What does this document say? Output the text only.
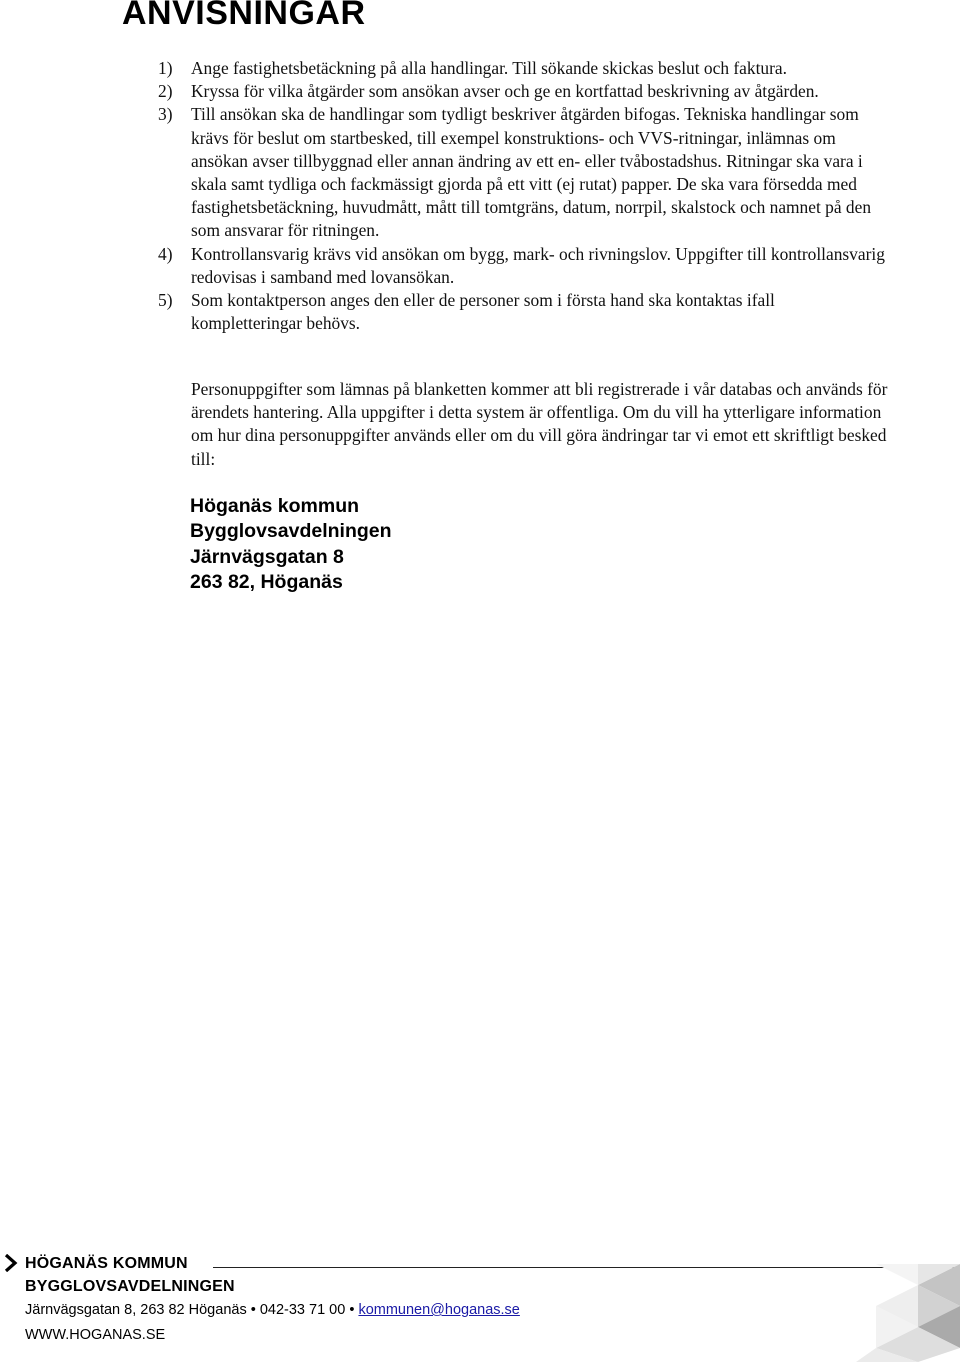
ANVISNINGAR
1) Ange fastighetsbetäckning på alla handlingar. Till sökande skickas beslut och faktura.
2) Kryssa för vilka åtgärder som ansökan avser och ge en kortfattad beskrivning av åtgärden.
3) Till ansökan ska de handlingar som tydligt beskriver åtgärden bifogas. Tekniska handlingar som krävs för beslut om startbesked, till exempel konstruktions- och VVS-ritningar, inlämnas om ansökan avser tillbyggnad eller annan ändring av ett en- eller tvåbostadshus. Ritningar ska vara i skala samt tydliga och fackmässigt gjorda på ett vitt (ej rutat) papper. De ska vara försedda med fastighetsbetäckning, huvudmått, mått till tomtgräns, datum, norrpil, skalstock och namnet på den som ansvarar för ritningen.
4) Kontrollansvarig krävs vid ansökan om bygg, mark- och rivningslov. Uppgifter till kontrollansvarig redovisas i samband med lovansökan.
5) Som kontaktperson anges den eller de personer som i första hand ska kontaktas ifall kompletteringar behövs.

Personuppgifter som lämnas på blanketten kommer att bli registrerade i vår databas och används för ärendets hantering. Alla uppgifter i detta system är offentliga. Om du vill ha ytterligare information om hur dina personuppgifter används eller om du vill göra ändringar tar vi emot ett skriftligt besked till:

Höganäs kommun
Bygglovsavdelningen
Järnvägsgatan 8
263 82, Höganäs
HÖGANÄS KOMMUN
BYGGLOVSAVDELNINGEN
Järnvägsgatan 8, 263 82 Höganäs • 042-33 71 00 • kommunen@hoganas.se
WWW.HOGANAS.SE
